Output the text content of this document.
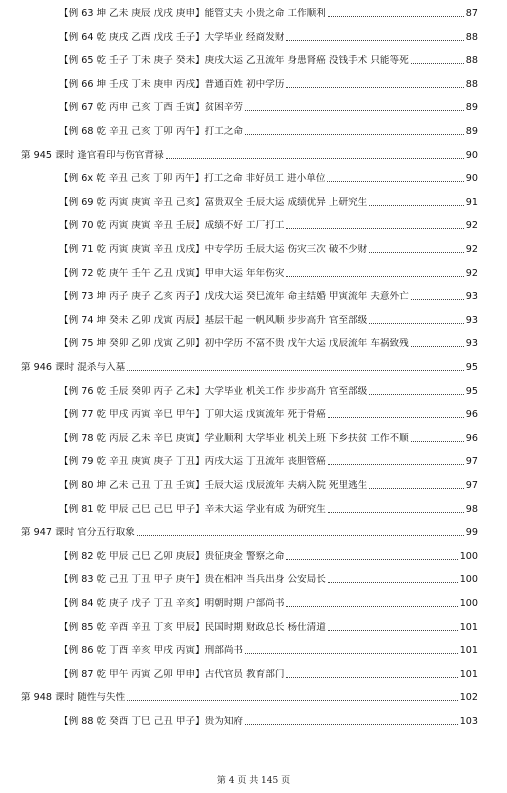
【例 63 坤 乙未 庚辰 戊戌 庚申】能管丈夫 小贵之命 工作顺利	87
【例 64 乾 庚戌 乙酉 戊戌 壬子】大学毕业 经商发财	88
【例 65 乾 壬子 丁未 庚子 癸未】庚戌大运 乙丑流年 身患肾癌 没钱手术 只能等死	88
【例 66 坤 壬戌 丁未 庚申 丙戌】普通百姓 初中学历	88
【例 67 乾 丙申 己亥 丁酉 壬寅】贫困辛劳	89
【例 68 乾 辛丑 己亥 丁卯 丙午】打工之命	89
第 945 课时 逢官看印与伤官背禄	90
【例 6x 乾 辛丑 己亥 丁卯 丙午】打工之命 非好员工 进小单位	90
【例 69 乾 丙寅 庚寅 辛丑 己亥】富贵双全 壬辰大运 成绩优异 上研究生	91
【例 70 乾 丙寅 庚寅 辛丑 壬辰】成绩不好 工厂打工	92
【例 71 乾 丙寅 庚寅 辛丑 戊戌】中专学历 壬辰大运 伤灾三次 破不少财	92
【例 72 乾 庚午 壬午 乙丑 戊寅】甲申大运 年年伤灾	92
【例 73 坤 丙子 庚子 乙亥 丙子】戊戌大运 癸巳流年 命主结婚 甲寅流年 夫意外亡	93
【例 74 坤 癸未 乙卯 戊寅 丙辰】基层干起 一帆风顺 步步高升 官至部级	93
【例 75 坤 癸卯 乙卯 戊寅 乙卯】初中学历 不富不贵 戊午大运 戊辰流年 车祸致残	93
第 946 课时 混杀与入墓	95
【例 76 乾 壬辰 癸卯 丙子 乙未】大学毕业 机关工作 步步高升 官至部级	95
【例 77 乾 甲戌 丙寅 辛巳 甲午】丁卯大运 戊寅流年 死于骨癌	96
【例 78 乾 丙辰 乙未 辛巳 庚寅】学业顺利 大学毕业 机关上班 下乡扶贫 工作不顺	96
【例 79 乾 辛丑 庚寅 庚子 丁丑】丙戌大运 丁丑流年 丧胆管癌	97
【例 80 坤 乙未 己丑 丁丑 壬寅】壬辰大运 戊辰流年 夫病入院 死里逃生	97
【例 81 乾 甲辰 己巳 己巳 甲子】辛未大运 学业有成 为研究生	98
第 947 课时 官分五行取象	99
【例 82 乾 甲辰 己巳 乙卯 庚辰】贵征庚金 警察之命	100
【例 83 乾 己丑 丁丑 甲子 庚午】贵在相冲 当兵出身 公安局长	100
【例 84 乾 庚子 戊子 丁丑 辛亥】明朝时期 户部尚书	100
【例 85 乾 辛酉 辛丑 丁亥 甲辰】民国时期 财政总长 杨仕清道	101
【例 86 乾 丁酉 辛亥 甲戌 丙寅】刑部尚书	101
【例 87 乾 甲午 丙寅 乙卯 甲申】古代官员 教育部门	101
第 948 课时 随性与失性	102
【例 88 乾 癸酉 丁巳 己丑 甲子】贵为知府	103
第 4 页 共 145 页
